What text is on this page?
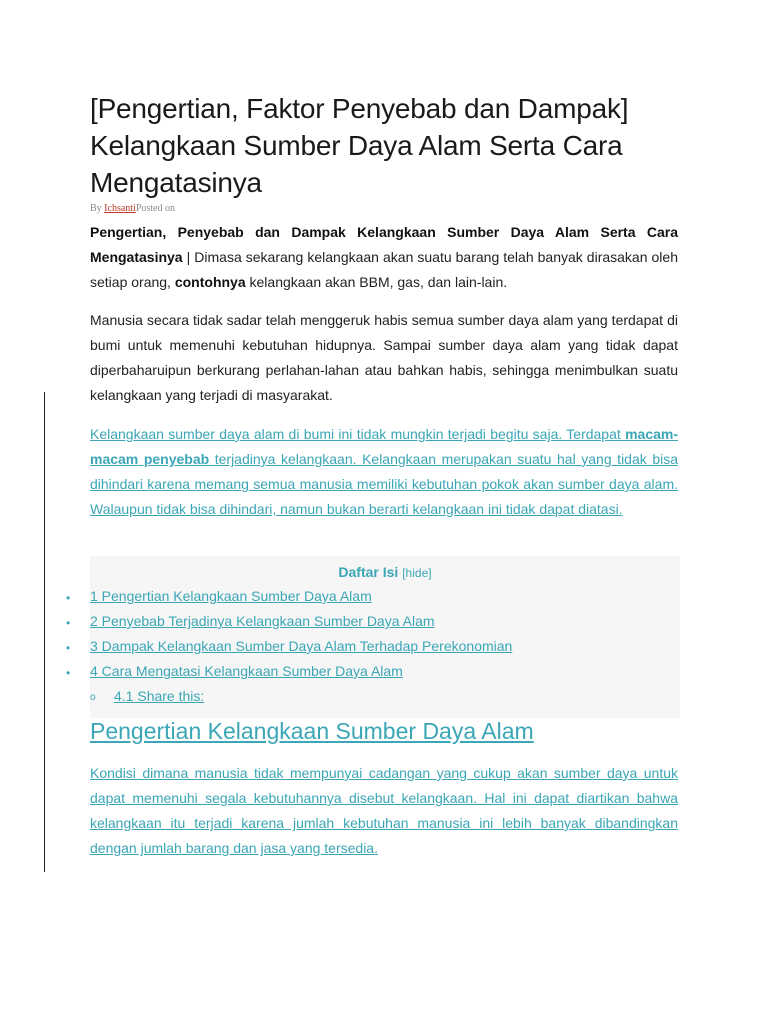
[Pengertian, Faktor Penyebab dan Dampak] Kelangkaan Sumber Daya Alam Serta Cara Mengatasinya
By IchsantiPosted on

Pengertian, Penyebab dan Dampak Kelangkaan Sumber Daya Alam Serta Cara Mengatasinya | Dimasa sekarang kelangkaan akan suatu barang telah banyak dirasakan oleh setiap orang, contohnya kelangkaan akan BBM, gas, dan lain-lain.

Manusia secara tidak sadar telah menggeruk habis semua sumber daya alam yang terdapat di bumi untuk memenuhi kebutuhan hidupnya. Sampai sumber daya alam yang tidak dapat diperbaharuipun berkurang perlahan-lahan atau bahkan habis, sehingga menimbulkan suatu kelangkaan yang terjadi di masyarakat.

Kelangkaan sumber daya alam di bumi ini tidak mungkin terjadi begitu saja. Terdapat macam-macam penyebab terjadinya kelangkaan. Kelangkaan merupakan suatu hal yang tidak bisa dihindari karena memang semua manusia memiliki kebutuhan pokok akan sumber daya alam. Walaupun tidak bisa dihindari, namun bukan berarti kelangkaan ini tidak dapat diatasi.

Daftar Isi [hide]
1 Pengertian Kelangkaan Sumber Daya Alam
2 Penyebab Terjadinya Kelangkaan Sumber Daya Alam
3 Dampak Kelangkaan Sumber Daya Alam Terhadap Perekonomian
4 Cara Mengatasi Kelangkaan Sumber Daya Alam
4.1 Share this:
•
•
•
•
o
Pengertian Kelangkaan Sumber Daya Alam

Kondisi dimana manusia tidak mempunyai cadangan yang cukup akan sumber daya untuk dapat memenuhi segala kebutuhannya disebut kelangkaan. Hal ini dapat diartikan bahwa kelangkaan itu terjadi karena jumlah kebutuhan manusia ini lebih banyak dibandingkan dengan jumlah barang dan jasa yang tersedia.
